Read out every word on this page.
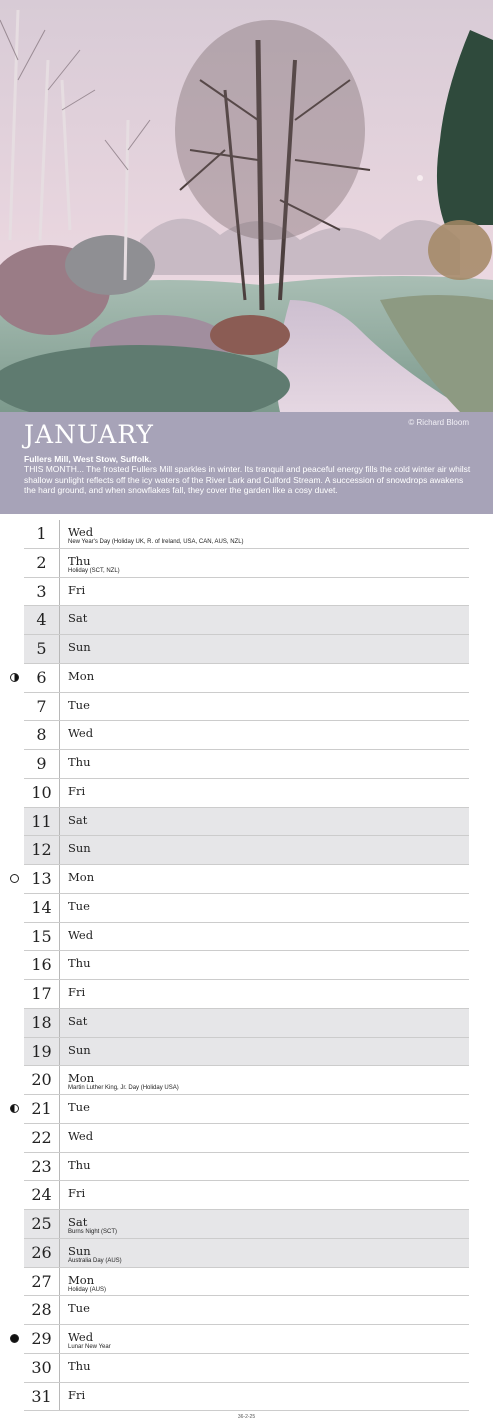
JANUARY	© Richard Bloom
Fullers Mill, West Stow, Suffolk.
THIS MONTH... The frosted Fullers Mill sparkles in winter. Its tranquil and peaceful energy fills the cold winter air whilst shallow sunlight reflects off the icy waters of the River Lark and Culford Stream. A succession of snowdrops awakens the hard ground, and when snowflakes fall, they cover the garden like a cosy duvet.
1	Wed
New Year's Day (Holiday UK, R. of Ireland, USA, CAN, AUS, NZL)
2	Thu
Holiday (SCT, NZL)
3	Fri
4	Sat
5	Sun
6	Mon
7	Tue
8	Wed
9	Thu
10	Fri
11	Sat
12	Sun
13	Mon
14	Tue
15	Wed
16	Thu
17	Fri
18	Sat
19	Sun
20	Mon
Martin Luther King, Jr. Day (Holiday USA)
21	Tue
22	Wed
23	Thu
24	Fri
25	Sat
Burns Night (SCT)
26	Sun
Australia Day (AUS)
27	Mon
Holiday (AUS)
28	Tue
29	Wed
Lunar New Year
30	Thu
31	Fri
36-2-25
